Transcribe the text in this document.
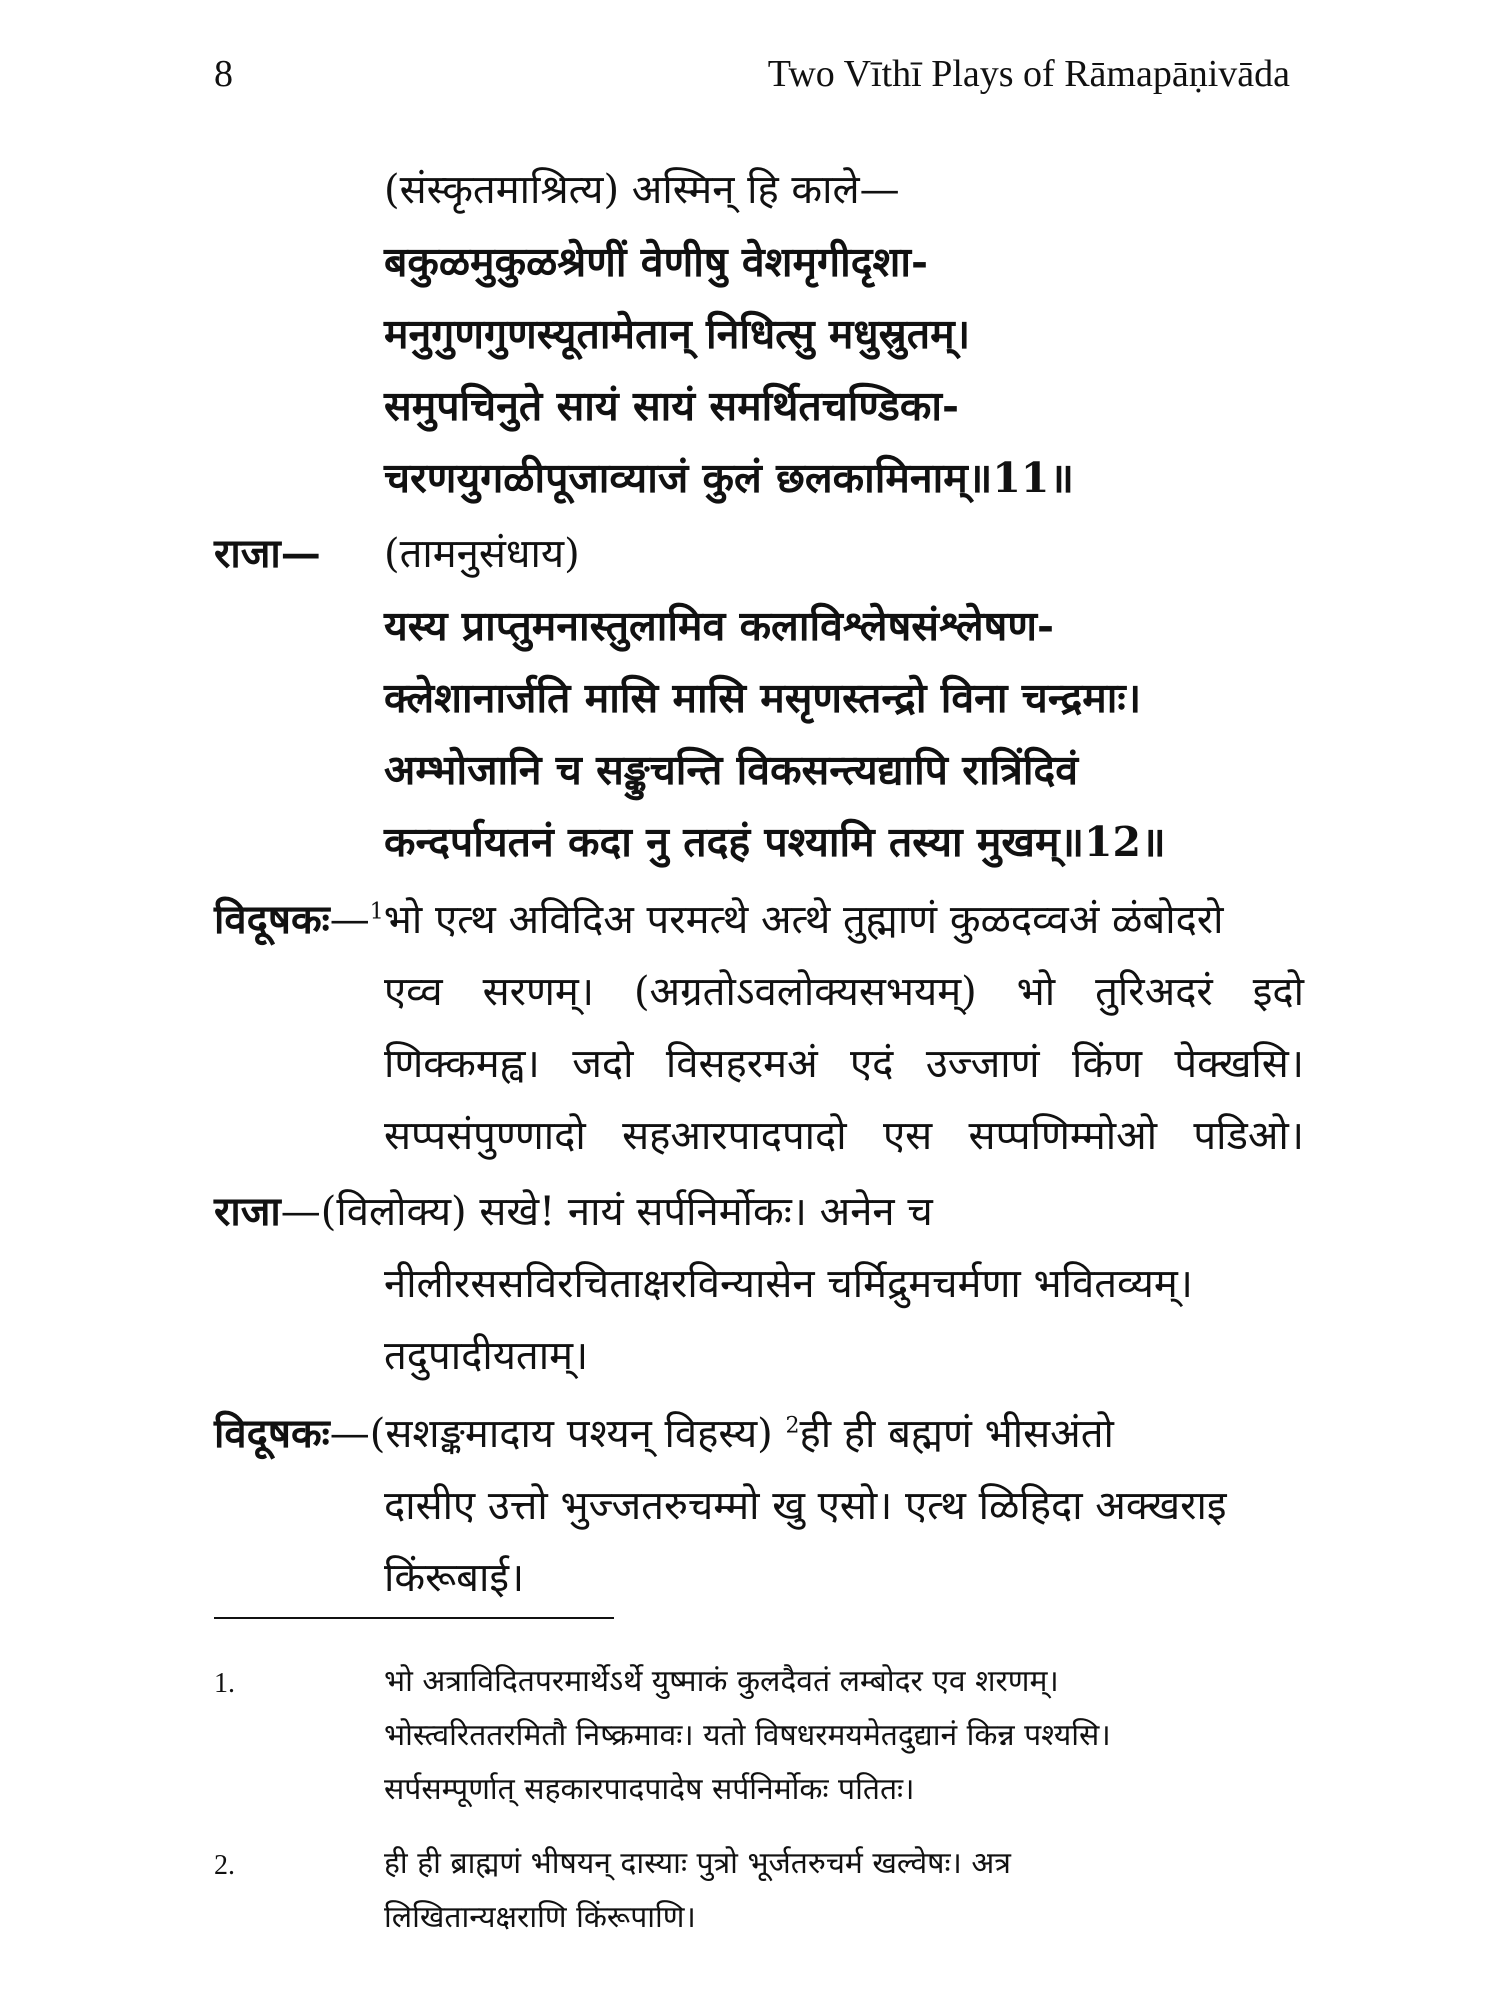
8	Two Vīthī Plays of Rāmapāṇivāda
(संस्कृतमाश्रित्य) अस्मिन् हि काले—
बकुळमुकुळश्रेणीं वेणीषु वेशमृगीदृशा-
मनुगुणगुणस्यूतामेतान् निधित्सु मधुस्रुतम्।
समुपचिनुते सायं सायं समर्थितचण्डिका-
चरणयुगळीपूजाव्याजं कुलं छलकामिनाम्॥11॥
राजा— (तामनुसंधाय)
यस्य प्राप्तुमनास्तुलामिव कलाविश्लेषसंश्लेषण-
क्लेशानार्जति मासि मासि मसृणस्तन्द्रो विना चन्द्रमाः।
अम्भोजानि च सङ्कुचन्ति विकसन्त्यद्यापि रात्रिंदिवं
कन्दर्पायतनं कदा नु तदहं पश्यामि तस्या मुखम्॥12॥
विदूषकः—$^1$भो एत्थ अविदिअ परमत्थे अत्थे तुह्माणं कुळदव्वअं ळंबोदरो
एव्व सरणम्। (अग्रतोऽवलोक्यसभयम्) भो तुरिअदरं इदो
णिक्कमह्व। जदो विसहरमअं एदं उज्जाणं किंण पेक्खसि।
सप्पसंपुण्णादो सहआरपादपादो एस सप्पणिम्मोओ पडिओ।
राजा—(विलोक्य) सखे! नायं सर्पनिर्मोकः। अनेन च
नीलीरससविरचिताक्षरविन्यासेन चर्मिद्रुमचर्मणा भवितव्यम्।
तदुपादीयताम्।
विदूषकः—(सशङ्कमादाय पश्यन् विहस्य) $^2$ही ही बह्मणं भीसअंतो
दासीए उत्तो भुज्जतरुचम्मो खु एसो। एत्थ ळिहिदा अक्खराइ
किंरूबाई।
1.	भो अत्राविदितपरमार्थेऽर्थे युष्माकं कुलदैवतं लम्बोदर एव शरणम्।
भोस्त्वरिततरमितौ निष्क्रमावः। यतो विषधरमयमेतदुद्यानं किन्न पश्यसि।
सर्पसम्पूर्णात् सहकारपादपादेष सर्पनिर्मोकः पतितः।
2.	ही ही ब्राह्मणं भीषयन् दास्याः पुत्रो भूर्जतरुचर्म खल्वेषः। अत्र
लिखितान्यक्षराणि किंरूपाणि।
